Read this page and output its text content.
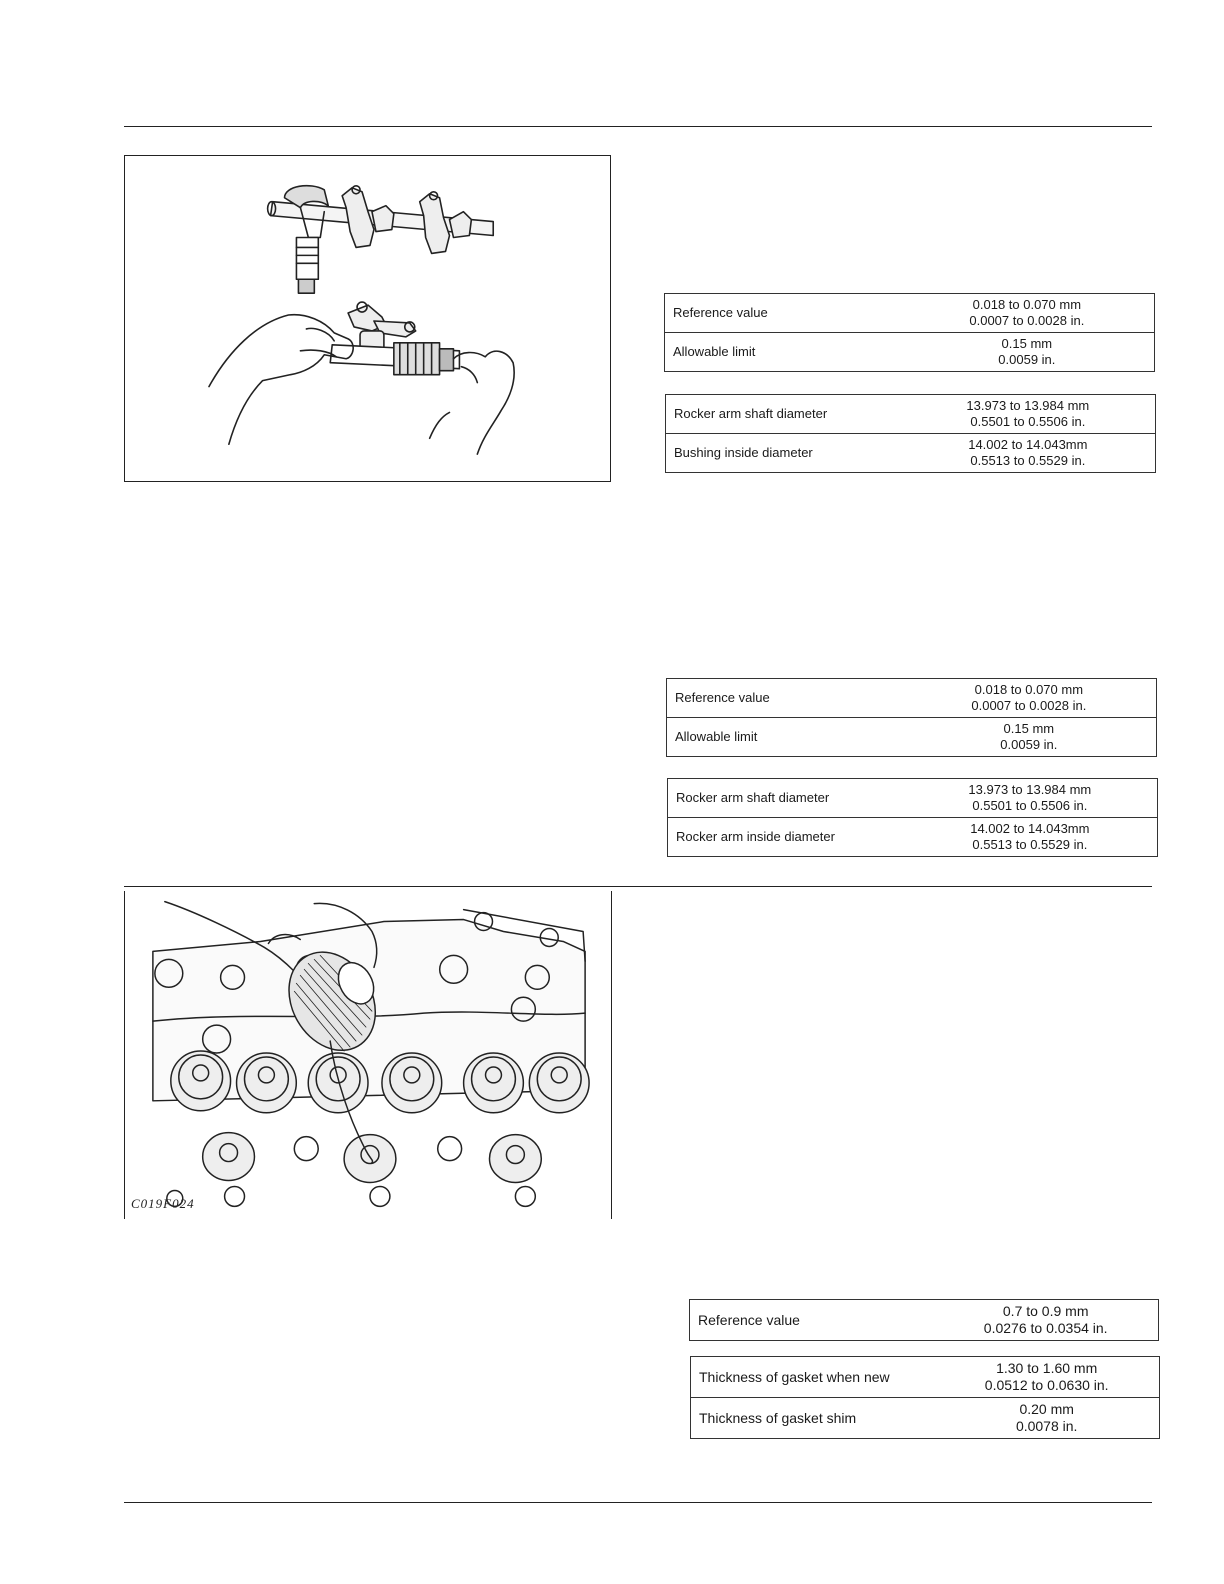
Reference value	0.018 to 0.070 mm
0.0007 to 0.0028 in.

Allowable limit	0.15 mm
0.0059 in.
Rocker arm shaft diameter	13.973 to 13.984 mm
0.5501 to 0.5506 in.

Bushing inside diameter	14.002 to 14.043mm
0.5513 to 0.5529 in.
Reference value	0.018 to 0.070 mm
0.0007 to 0.0028 in.

Allowable limit	0.15 mm
0.0059 in.
Rocker arm shaft diameter	13.973 to 13.984 mm
0.5501 to 0.5506 in.

Rocker arm inside diameter	14.002 to 14.043mm
0.5513 to 0.5529 in.
C019F024
Reference value	
0.7 to 0.9 mm
0.0276 to 0.0354 in.
Thickness of gasket when new	1.30 to 1.60 mm
0.0512 to 0.0630 in.

Thickness of gasket shim	0.20 mm
0.0078 in.
